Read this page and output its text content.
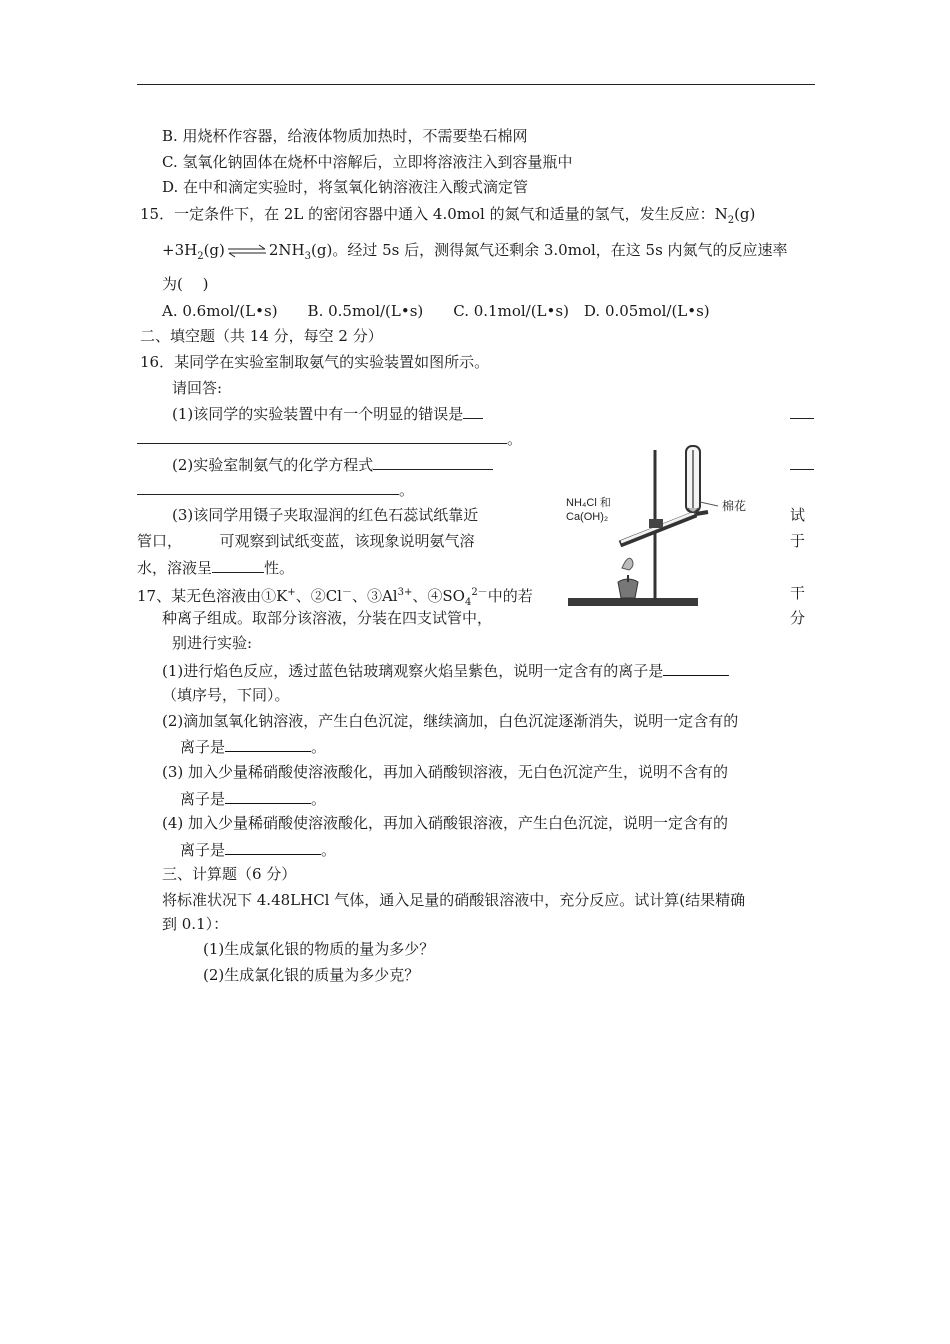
B. 用烧杯作容器，给液体物质加热时，不需要垫石棉网
C. 氢氧化钠固体在烧杯中溶解后，立即将溶液注入到容量瓶中
D. 在中和滴定实验时，将氢氧化钠溶液注入酸式滴定管
15．一定条件下，在 2L 的密闭容器中通入 4.0mol 的氮气和适量的氢气，发生反应：$N_2(g)$
$+3H_2(g)$ ⇌ $2NH_3(g)$。经过 5s 后，测得氮气还剩余 3.0mol，在这 5s 内氮气的反应速率
为(　 )
A. 0.6mol/(L•s)　　B. 0.5mol/(L•s)　　C. 0.1mol/(L•s)　D. 0.05mol/(L•s)
二、填空题（共 14 分，每空 2 分）
16．某同学在实验室制取氨气的实验装置如图所示。
请回答:
(1)该同学的实验装置中有一个明显的错误是
。
(2)实验室制氨气的化学方程式
。
(3)该同学用镊子夹取湿润的红色石蕊试纸靠近	试
管口，　　　可观察到试纸变蓝，该现象说明氨气溶	于
水，溶液呈	性。
17、某无色溶液由①K+、②Cl－、$③Al^{3+}$、$④SO_4^{2-}$中的若	干
种离子组成。取部分该溶液，分装在四支试管中，	分
别进行实验:
(1)进行焰色反应，透过蓝色钴玻璃观察火焰呈紫色，说明一定含有的离子是
（填序号，下同）。
(2)滴加氢氧化钠溶液，产生白色沉淀，继续滴加，白色沉淀逐渐消失，说明一定含有的
离子是	。
(3) 加入少量稀硝酸使溶液酸化，再加入硝酸钡溶液，无白色沉淀产生，说明不含有的
离子是	。
(4) 加入少量稀硝酸使溶液酸化，再加入硝酸银溶液，产生白色沉淀，说明一定含有的
离子是	。
三、计算题（6 分）
将标准状况下 4.48LHCl 气体，通入足量的硝酸银溶液中，充分反应。试计算(结果精确
到 0.1）：
(1)生成氯化银的物质的量为多少？
(2)生成氯化银的质量为多少克？
NH₄Cl 和
Ca(OH)₂
棉花
